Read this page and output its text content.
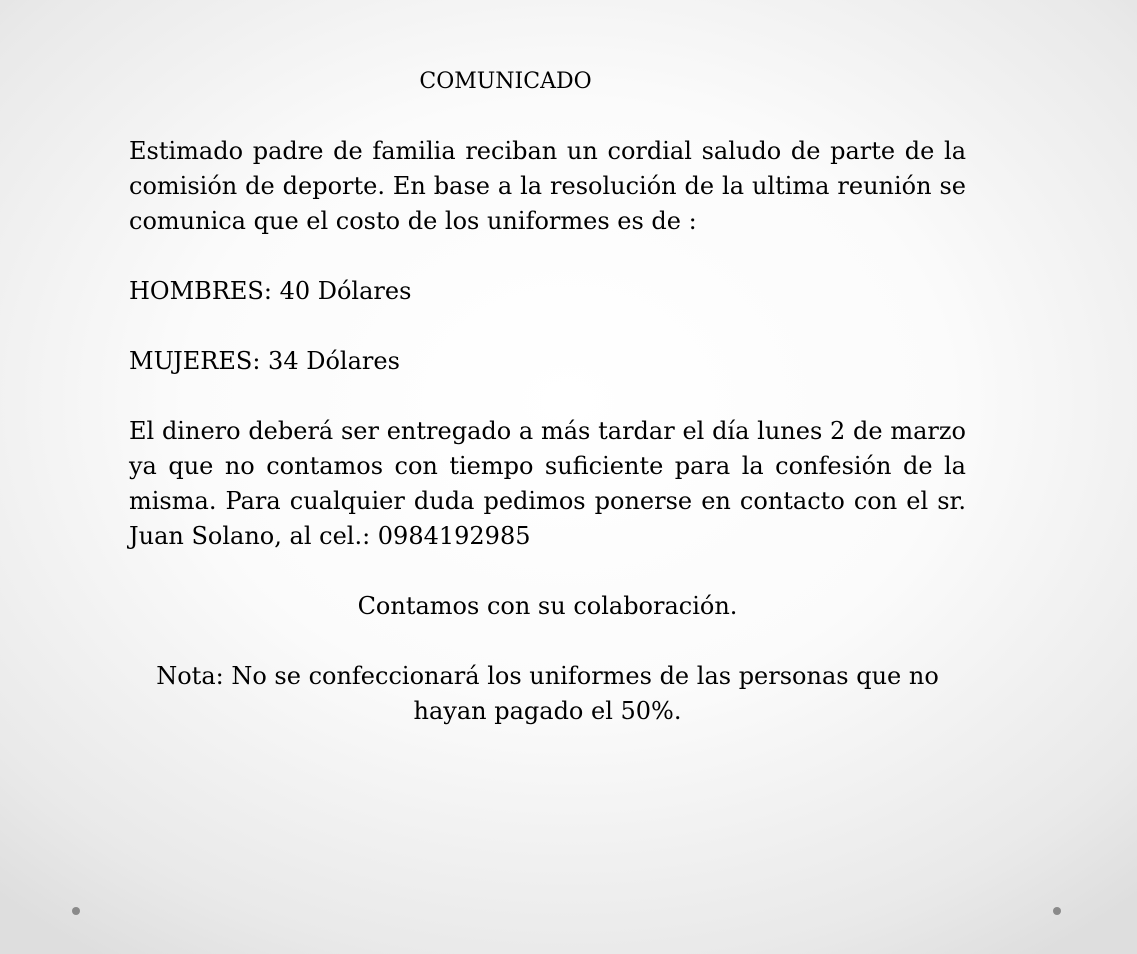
COMUNICADO

Estimado padre de familia reciban un cordial saludo de parte de la comisión de deporte. En base a la resolución de la ultima reunión se comunica que el costo de los uniformes es de :

HOMBRES: 40 Dólares

MUJERES: 34 Dólares

El dinero deberá ser entregado a más tardar el día lunes 2 de marzo ya que no contamos con tiempo suficiente para la confesión de la misma. Para cualquier duda pedimos ponerse en contacto con el sr. Juan Solano, al cel.: 0984192985

Contamos con su colaboración.

Nota: No se confeccionará los uniformes de las personas que no hayan pagado el 50%.
